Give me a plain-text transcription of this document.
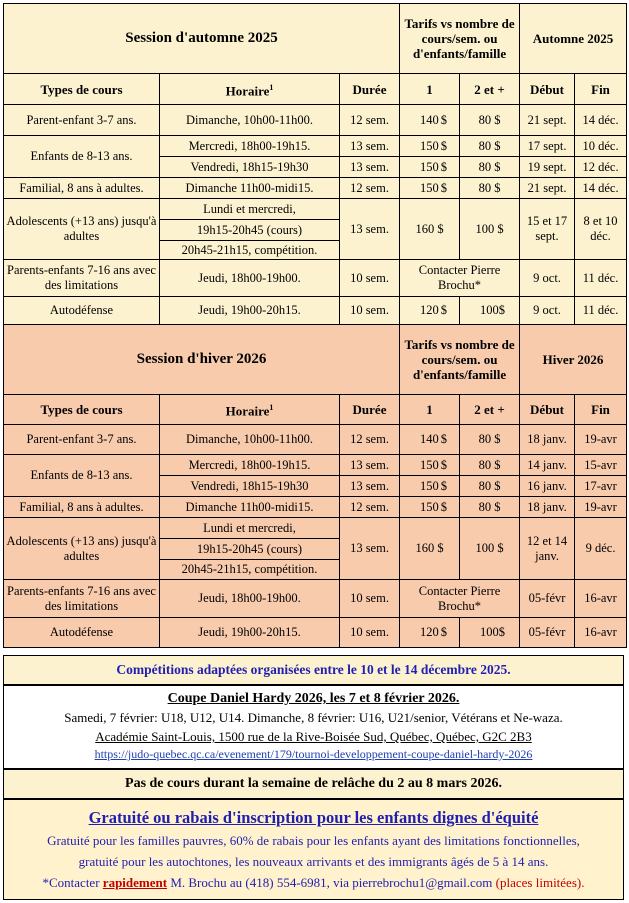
Session d'automne 2025			Tarifs vs nombre de cours/sem. ou d'enfants/famille		Automne 2025	
Types de cours	Horaire$^1$	Durée	1	2 et +	Début	Fin
Parent-enfant 3-7 ans.	Dimanche, 10h00-11h00.	12 sem.	140 $	80 $	21 sept.	14 déc.
Enfants de 8-13 ans.	Mercredi, 18h00-19h15.	13 sem.	150 $	80 $	17 sept.	10 déc.
	Vendredi, 18h15-19h30	13 sem.	150 $	80 $	19 sept.	12 déc.
Familial, 8 ans à adultes.	Dimanche 11h00-midi15.	12 sem.	150 $	80 $	21 sept.	14 déc.
Adolescents (+13 ans) jusqu'à adultes	Lundi et mercredi,	13 sem.	160 $	100 $	15 et 17 sept.	8 et 10 déc.
	19h15-20h45 (cours)					
	20h45-21h15, compétition.					
Parents-enfants 7-16 ans avec des limitations	Jeudi, 18h00-19h00.	10 sem.	Contacter Pierre Brochu*		9 oct.	11 déc.
Autodéfense	Jeudi, 19h00-20h15.	10 sem.	120 $	100 $	9 oct.	11 déc.
Session d'hiver 2026			Tarifs vs nombre de cours/sem. ou d'enfants/famille		Hiver 2026	
Types de cours	Horaire$^1$	Durée	1	2 et +	Début	Fin
Parent-enfant 3-7 ans.	Dimanche, 10h00-11h00.	12 sem.	140 $	80 $	18 janv.	19-avr
Enfants de 8-13 ans.	Mercredi, 18h00-19h15.	13 sem.	150 $	80 $	14 janv.	15-avr
	Vendredi, 18h15-19h30	13 sem.	150 $	80 $	16 janv.	17-avr
Familial, 8 ans à adultes.	Dimanche 11h00-midi15.	12 sem.	150 $	80 $	18 janv.	19-avr
Adolescents (+13 ans) jusqu'à adultes	Lundi et mercredi,	13 sem.	160 $	100 $	12 et 14 janv.	9 déc.
	19h15-20h45 (cours)					
	20h45-21h15, compétition.					
Parents-enfants 7-16 ans avec des limitations	Jeudi, 18h00-19h00.	10 sem.	Contacter Pierre Brochu*		05-févr	16-avr
Autodéfense	Jeudi, 19h00-20h15.	10 sem.	120 $	100 $	05-févr	16-avr
Compétitions adaptées organisées entre le 10 et le 14 décembre 2025.
Coupe Daniel Hardy 2026, les 7 et 8 février 2026.
Samedi, 7 février: U18, U12, U14. Dimanche, 8 février: U16, U21/senior, Vétérans et Ne-waza.
Académie Saint-Louis, 1500 rue de la Rive-Boisée Sud, Québec, Québec, G2C 2B3
https://judo-quebec.qc.ca/evenement/179/tournoi-developpement-coupe-daniel-hardy-2026
Pas de cours durant la semaine de relâche du 2 au 8 mars 2026.
Gratuité ou rabais d'inscription pour les enfants dignes d'équité
Gratuité pour les familles pauvres, 60% de rabais pour les enfants ayant des limitations fonctionnelles,
gratuité pour les autochtones, les nouveaux arrivants et des immigrants âgés de 5 à 14 ans.
*Contacter rapidement M. Brochu au (418) 554-6981, via pierrebrochu1@gmail.com (places limitées).
